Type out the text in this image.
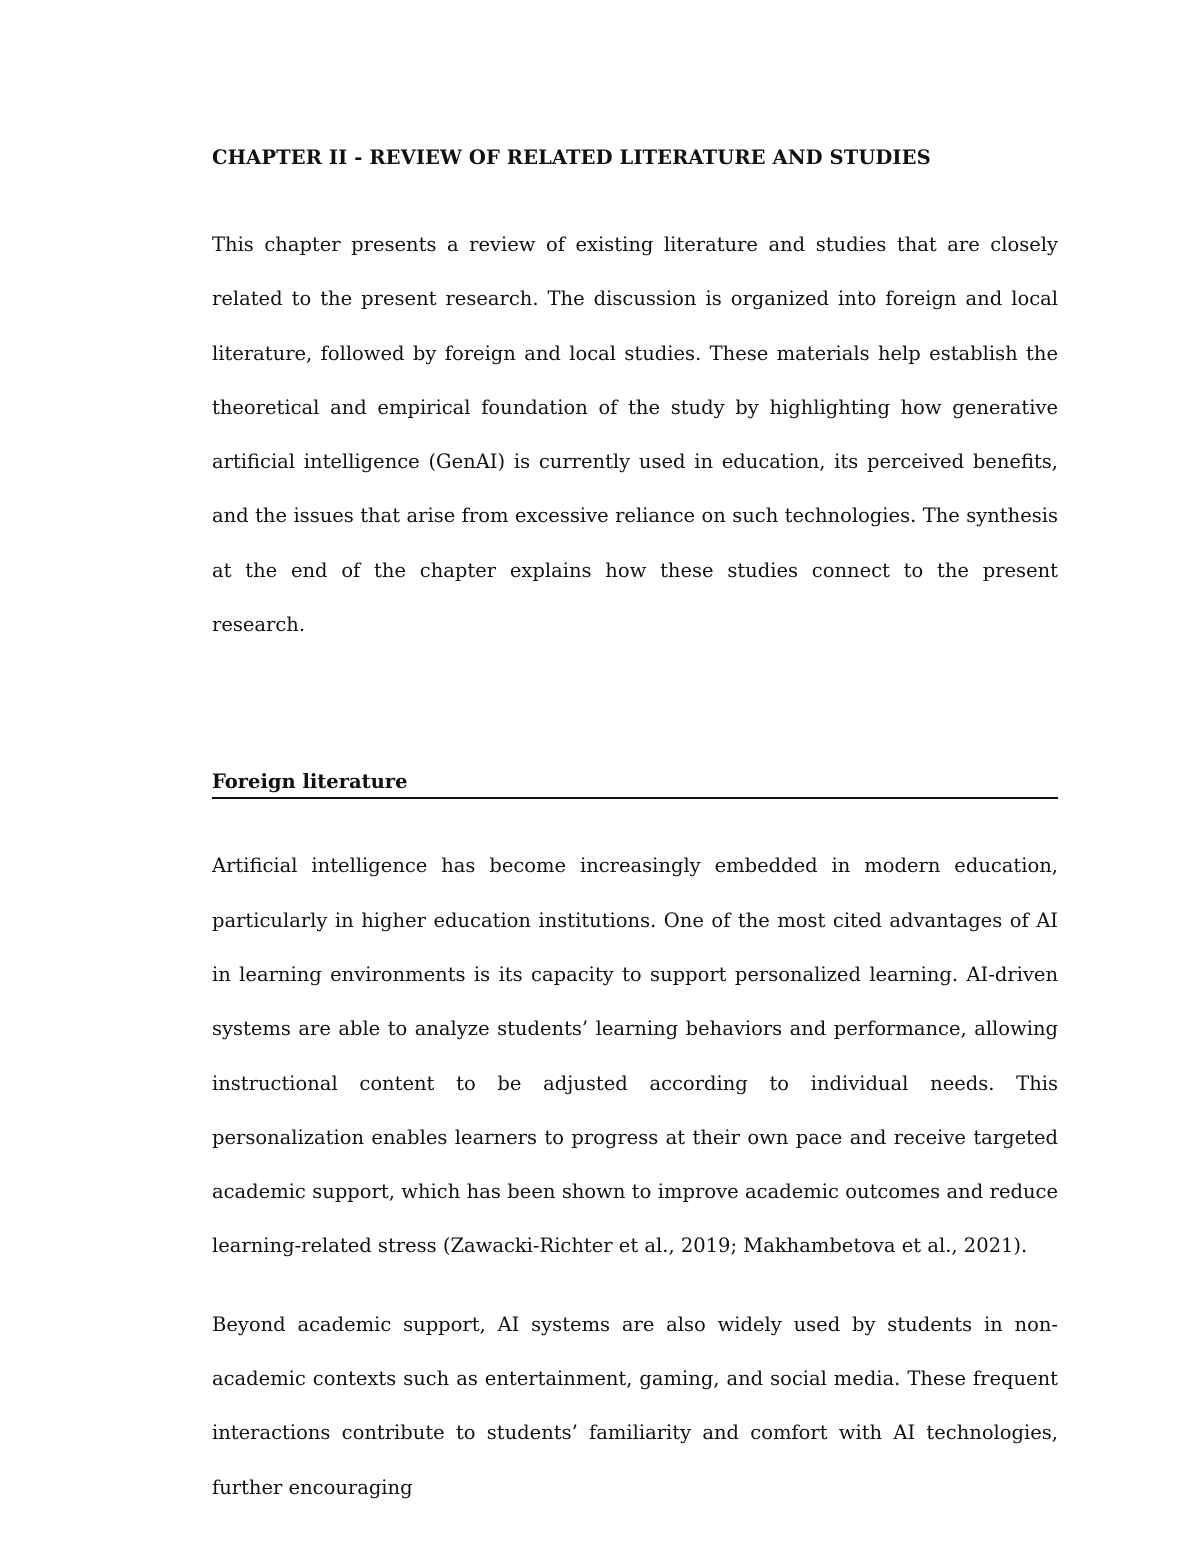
CHAPTER II - REVIEW OF RELATED LITERATURE AND STUDIES

This chapter presents a review of existing literature and studies that are closely related to the present research. The discussion is organized into foreign and local literature, followed by foreign and local studies. These materials help establish the theoretical and empirical foundation of the study by highlighting how generative artificial intelligence (GenAI) is currently used in education, its perceived benefits, and the issues that arise from excessive reliance on such technologies. The synthesis at the end of the chapter explains how these studies connect to the present research.

Foreign literature

Artificial intelligence has become increasingly embedded in modern education, particularly in higher education institutions. One of the most cited advantages of AI in learning environments is its capacity to support personalized learning. AI-driven systems are able to analyze students’ learning behaviors and performance, allowing instructional content to be adjusted according to individual needs. This personalization enables learners to progress at their own pace and receive targeted academic support, which has been shown to improve academic outcomes and reduce learning-related stress (Zawacki-Richter et al., 2019; Makhambetova et al., 2021).

Beyond academic support, AI systems are also widely used by students in non-academic contexts such as entertainment, gaming, and social media. These frequent interactions contribute to students’ familiarity and comfort with AI technologies, further encouraging
